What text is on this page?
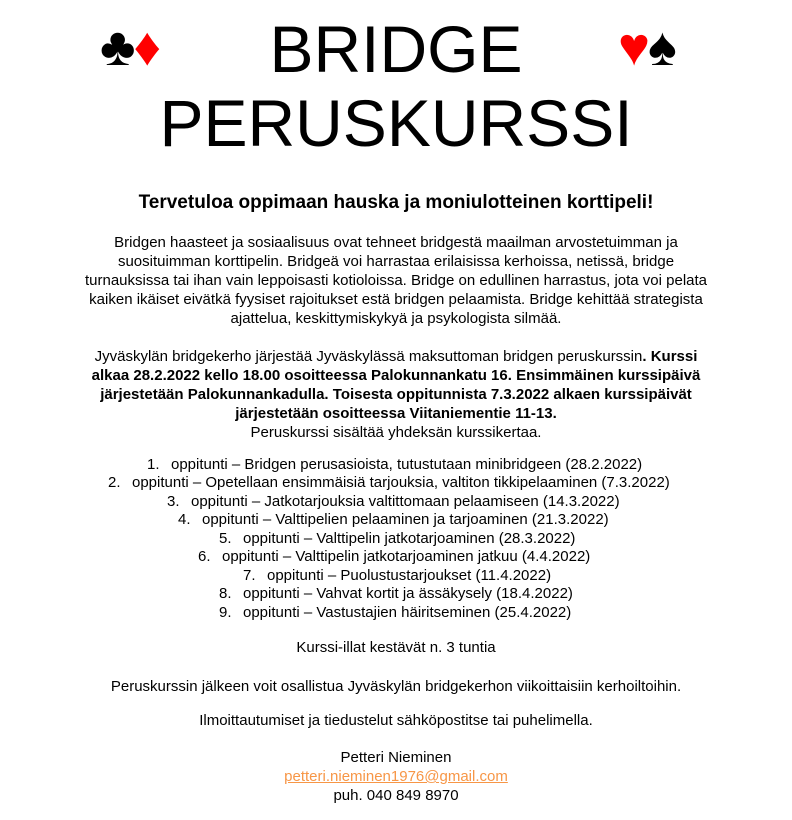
♣♦	♥♠
BRIDGE
PERUSKURSSI
Tervetuloa oppimaan hauska ja moniulotteinen korttipeli!
Bridgen haasteet ja sosiaalisuus ovat tehneet bridgestä maailman arvostetuimman ja suosituimman korttipelin. Bridgeä voi harrastaa erilaisissa kerhoissa, netissä, bridge turnauksissa tai ihan vain leppoisasti kotioloissa. Bridge on edullinen harrastus, jota voi pelata kaiken ikäiset eivätkä fyysiset rajoitukset estä bridgen pelaamista. Bridge kehittää strategista ajattelua, keskittymiskykyä ja psykologista silmää.
Jyväskylän bridgekerho järjestää Jyväskylässä maksuttoman bridgen peruskurssin. Kurssi alkaa 28.2.2022 kello 18.00 osoitteessa Palokunnankatu 16. Ensimmäinen kurssipäivä järjestetään Palokunnankadulla. Toisesta oppitunnista 7.3.2022 alkaen kurssipäivät järjestetään osoitteessa Viitaniementie 11-13.
Peruskurssi sisältää yhdeksän kurssikertaa.
1. oppitunti – Bridgen perusasioista, tutustutaan minibridgeen (28.2.2022)
2. oppitunti – Opetellaan ensimmäisiä tarjouksia, valtiton tikkipelaaminen (7.3.2022)
3. oppitunti – Jatkotarjouksia valtittomaan pelaamiseen (14.3.2022)
4. oppitunti – Valttipelien pelaaminen ja tarjoaminen (21.3.2022)
5. oppitunti – Valttipelin jatkotarjoaminen (28.3.2022)
6. oppitunti – Valttipelin jatkotarjoaminen jatkuu (4.4.2022)
7. oppitunti – Puolustustarjoukset (11.4.2022)
8. oppitunti – Vahvat kortit ja ässäkysely (18.4.2022)
9. oppitunti – Vastustajien häiritseminen (25.4.2022)
Kurssi-illat kestävät n. 3 tuntia
Peruskurssin jälkeen voit osallistua Jyväskylän bridgekerhon viikoittaisiin kerhoiltoihin.
Ilmoittautumiset ja tiedustelut sähköpostitse tai puhelimella.
Petteri Nieminen
petteri.nieminen1976@gmail.com
puh. 040 849 8970
